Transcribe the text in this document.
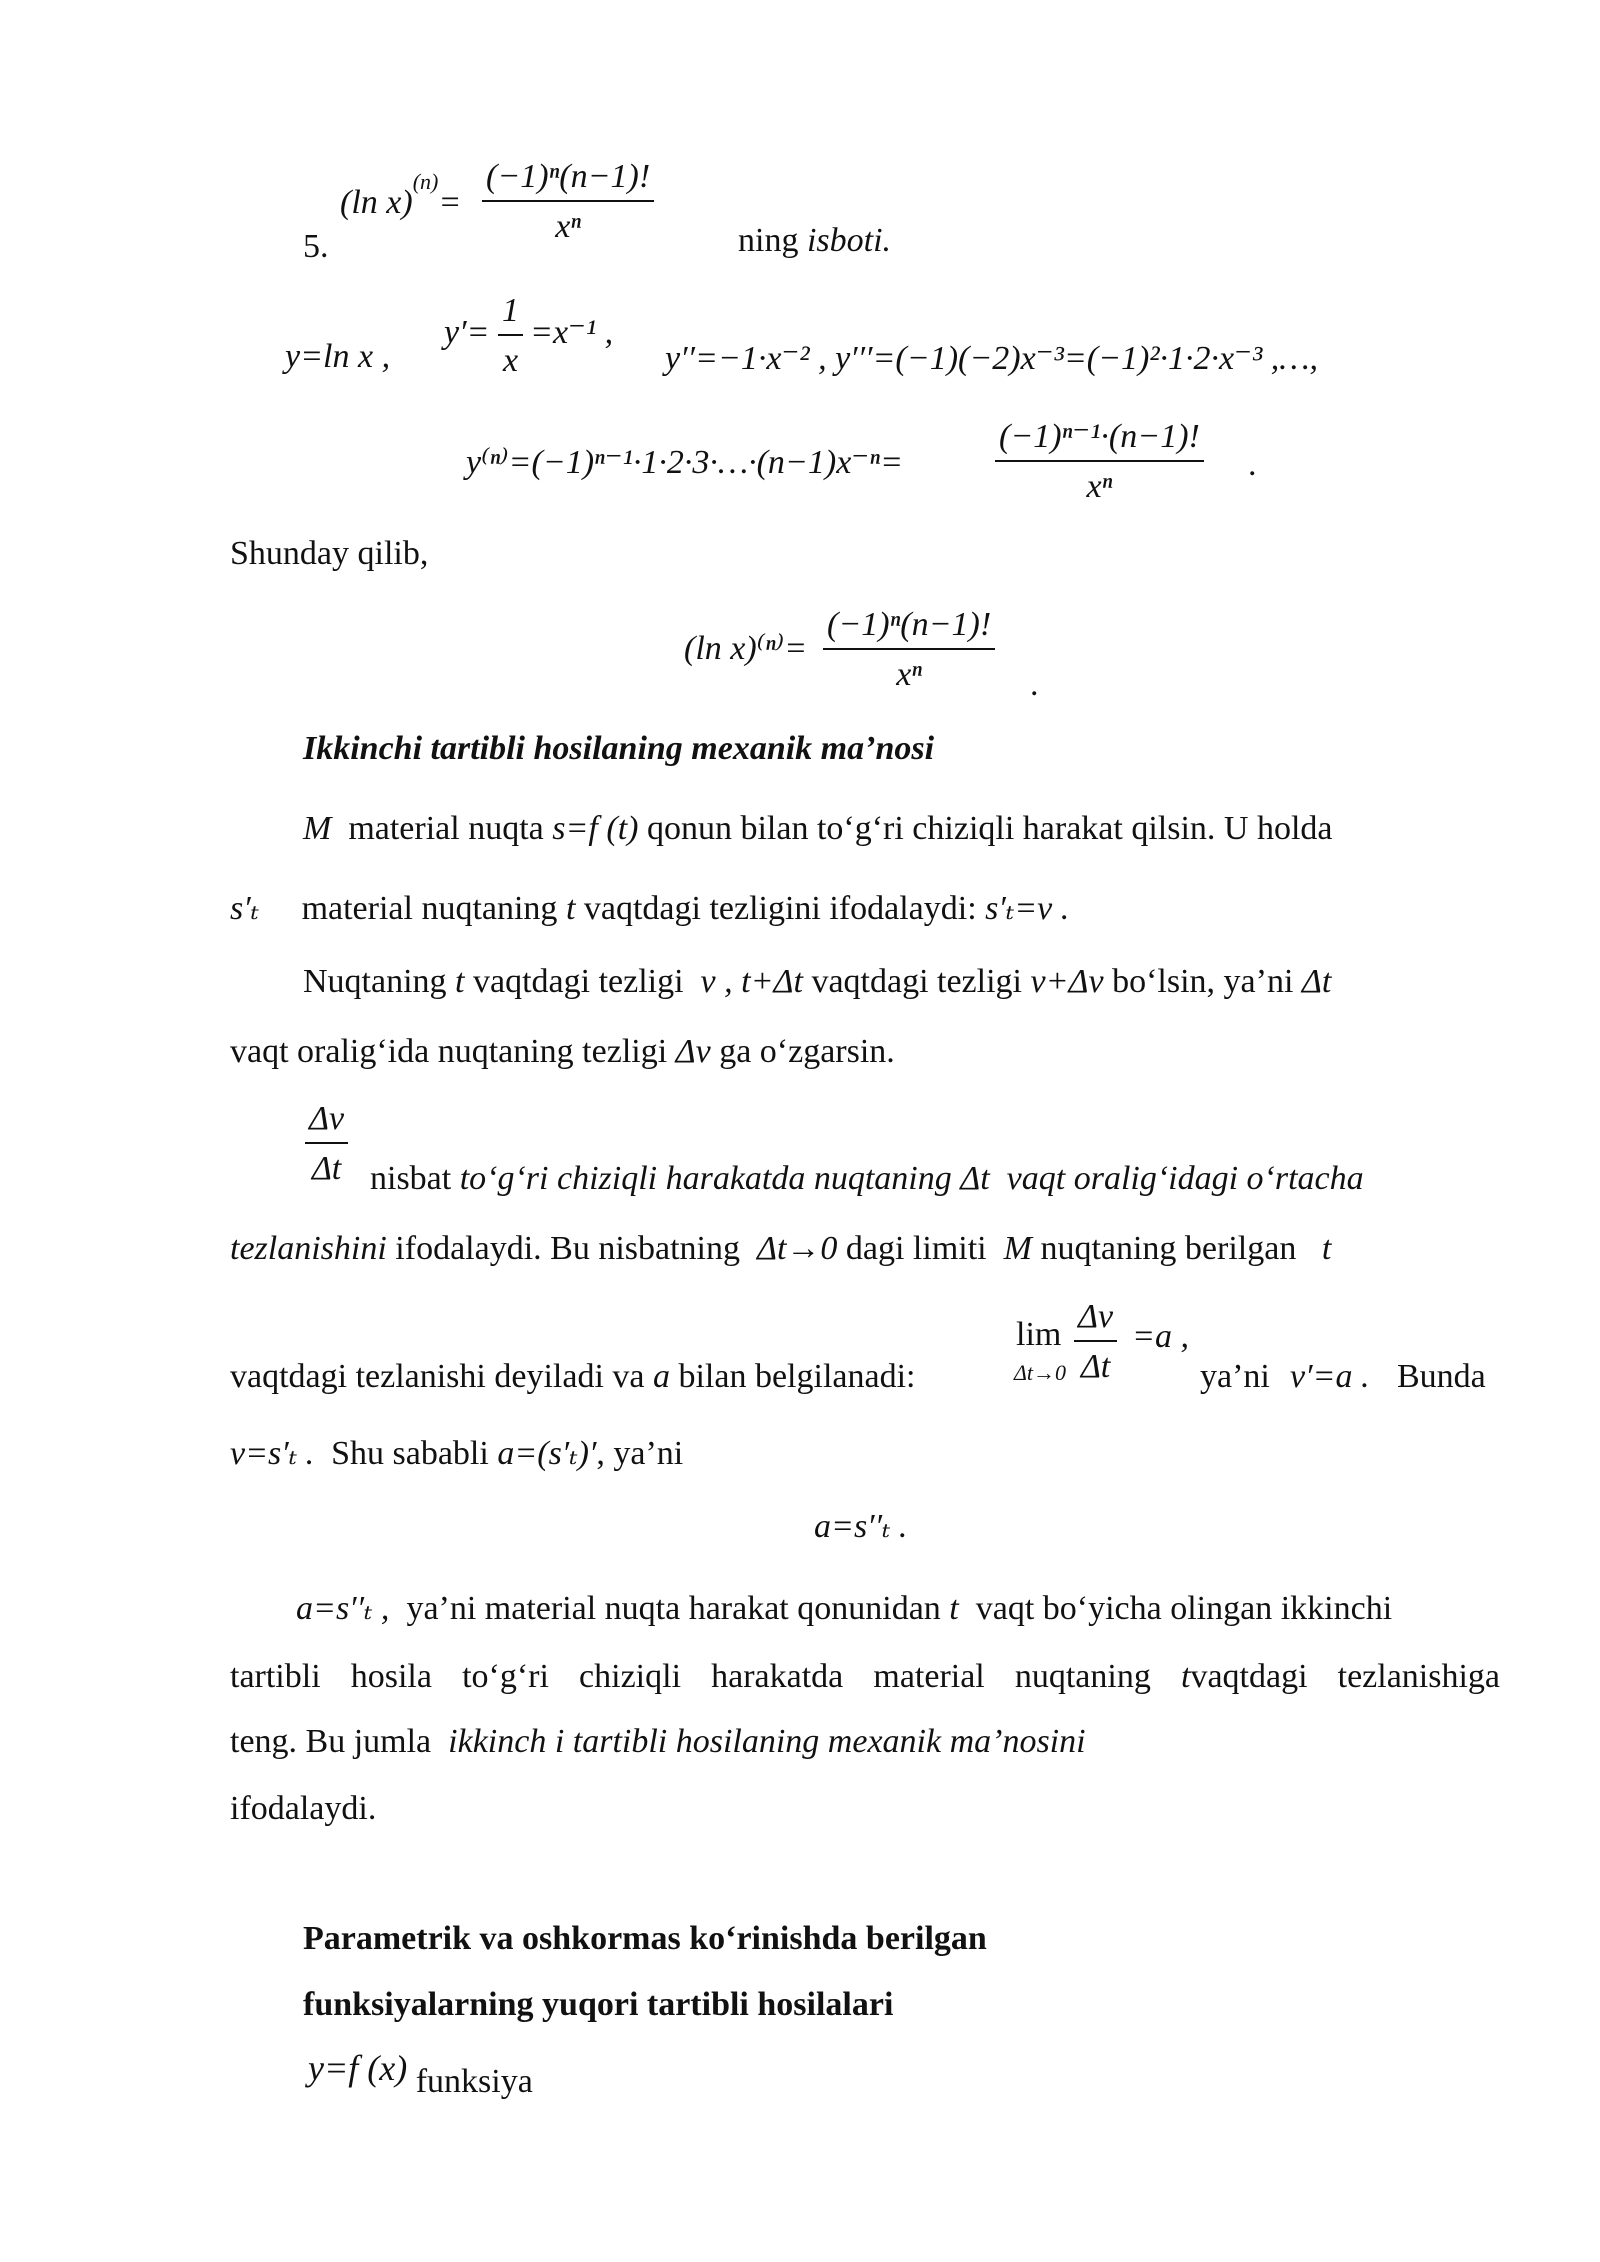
5.
(ln $x)^{(n)}= \frac{\text{(−1)ⁿ(n−1)!}}{\text{xⁿ}}$ ning isboti.
y=ln x ,
$y'= \frac{1}{x} =x^{-1}$ ,
y′′=−1·x⁻² , y′′′=(−1)(−2)x⁻³=(−1)²·1·2·x⁻³ ,…,
y⁽ⁿ⁾=(−1)ⁿ⁻¹·1·2·3·…·(n−1)x⁻ⁿ=	$\frac{\text{(−1)ⁿ⁻¹·(n−1)!}}{\text{xⁿ}}$ .
Shunday qilib,
(ln $x)^{(n)}= \frac{\text{(−1)ⁿ(n−1)!}}{\text{xⁿ}}$ .
Ikkinchi tartibli hosilaning mexanik ma’nosi
M material nuqta s=f (t) qonun bilan to‘g‘ri chiziqli harakat qilsin. U holda
s′ₜ material nuqtaning t vaqtdagi tezligini ifodalaydi: s′ₜ=v .
Nuqtaning t vaqtdagi tezligi v , t+Δt vaqtdagi tezligi v+Δv bo‘lsin, ya’ni Δt
vaqt oralig‘ida nuqtaning tezligi Δv ga o‘zgarsin.
$\frac{\Delta v}{\Delta t}$ nisbat to‘g‘ri chiziqli harakatda nuqtaning Δt vaqt oralig‘idagi o‘rtacha
tezlanishini ifodalaydi. Bu nisbatning Δt→0 dagi limiti M nuqtaning berilgan t
vaqtdagi tezlanishi deyiladi va a bilan belgilanadi:
lim
$\Delta t\to 0 \frac{\Delta v}{\Delta t} =a$ ,
ya’ni v′=a . Bunda
v=s′ₜ . Shu sababli a=(s′ₜ)′, ya’ni
a=s′′ₜ .
a=s′′ₜ , ya’ni material nuqta harakat qonunidan t vaqt bo‘yicha olingan ikkinchi
tartibli hosila to‘g‘ri chiziqli harakatda material nuqtaning tvaqtdagi tezlanishiga
teng. Bu jumla ikkinch i tartibli hosilaning mexanik ma’nosini
ifodalaydi.
Parametrik va oshkormas ko‘rinishda berilgan
funksiyalarning yuqori tartibli hosilalari
y=f (x) funksiya
